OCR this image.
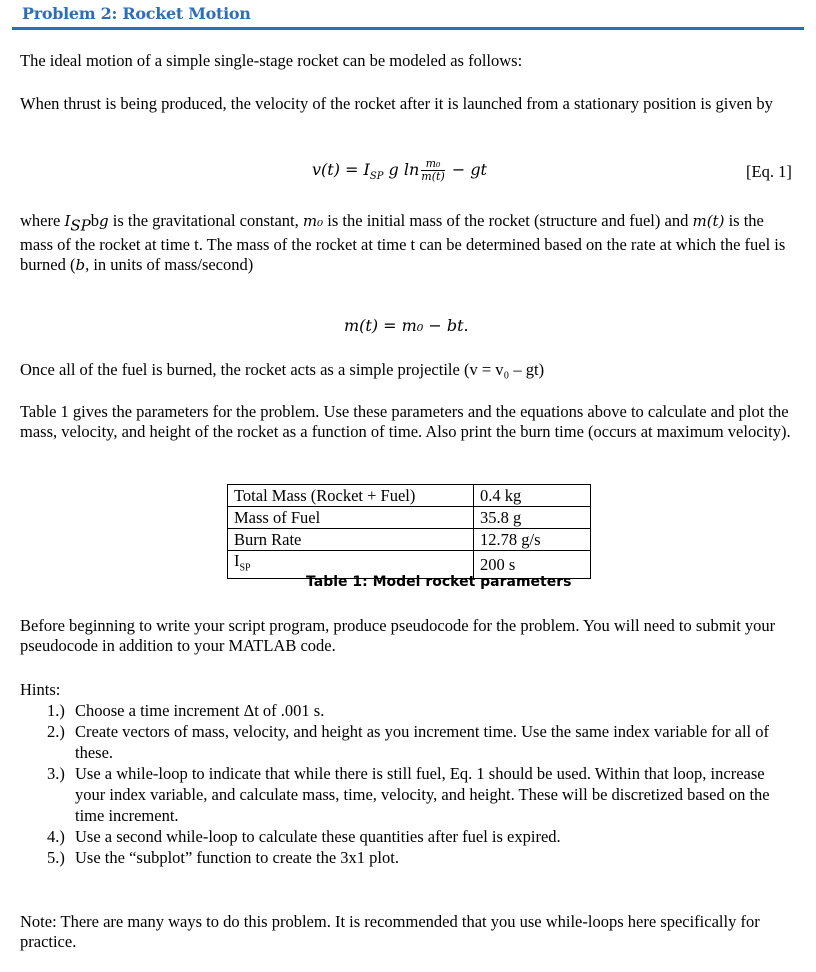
Problem 2: Rocket Motion
The ideal motion of a simple single-stage rocket can be modeled as follows:
When thrust is being produced, the velocity of the rocket after it is launched from a stationary position is given by
$v(t) = I_{SP}$ g $\ln \frac{\text{m₀}}{m(t)}$ − gt	[Eq. 1]
where $I_{SP}bg$ is the gravitational constant, m₀ is the initial mass of the rocket (structure and fuel) and m(t) is the mass of the rocket at time t. The mass of the rocket at time t can be determined based on the rate at which the fuel is burned (b, in units of mass/second)
m(t) = m₀ − bt.
Once all of the fuel is burned, the rocket acts as a simple projectile (v = v₀ – gt)
Table 1 gives the parameters for the problem. Use these parameters and the equations above to calculate and plot the mass, velocity, and height of the rocket as a function of time. Also print the burn time (occurs at maximum velocity).
Total Mass (Rocket + Fuel)	0.4 kg
Mass of Fuel	35.8 g
Burn Rate	12.78 g/s
$I_{SP}$	200 s
Table 1: Model rocket parameters
Before beginning to write your script program, produce pseudocode for the problem. You will need to submit your pseudocode in addition to your MATLAB code.
Hints:
1.) Choose a time increment Δt of .001 s.
2.) Create vectors of mass, velocity, and height as you increment time. Use the same index variable for all of these.
3.) Use a while-loop to indicate that while there is still fuel, Eq. 1 should be used. Within that loop, increase your index variable, and calculate mass, time, velocity, and height. These will be discretized based on the time increment.
4.) Use a second while-loop to calculate these quantities after fuel is expired.
5.) Use the “subplot” function to create the 3x1 plot.
Note: There are many ways to do this problem. It is recommended that you use while-loops here specifically for practice.
